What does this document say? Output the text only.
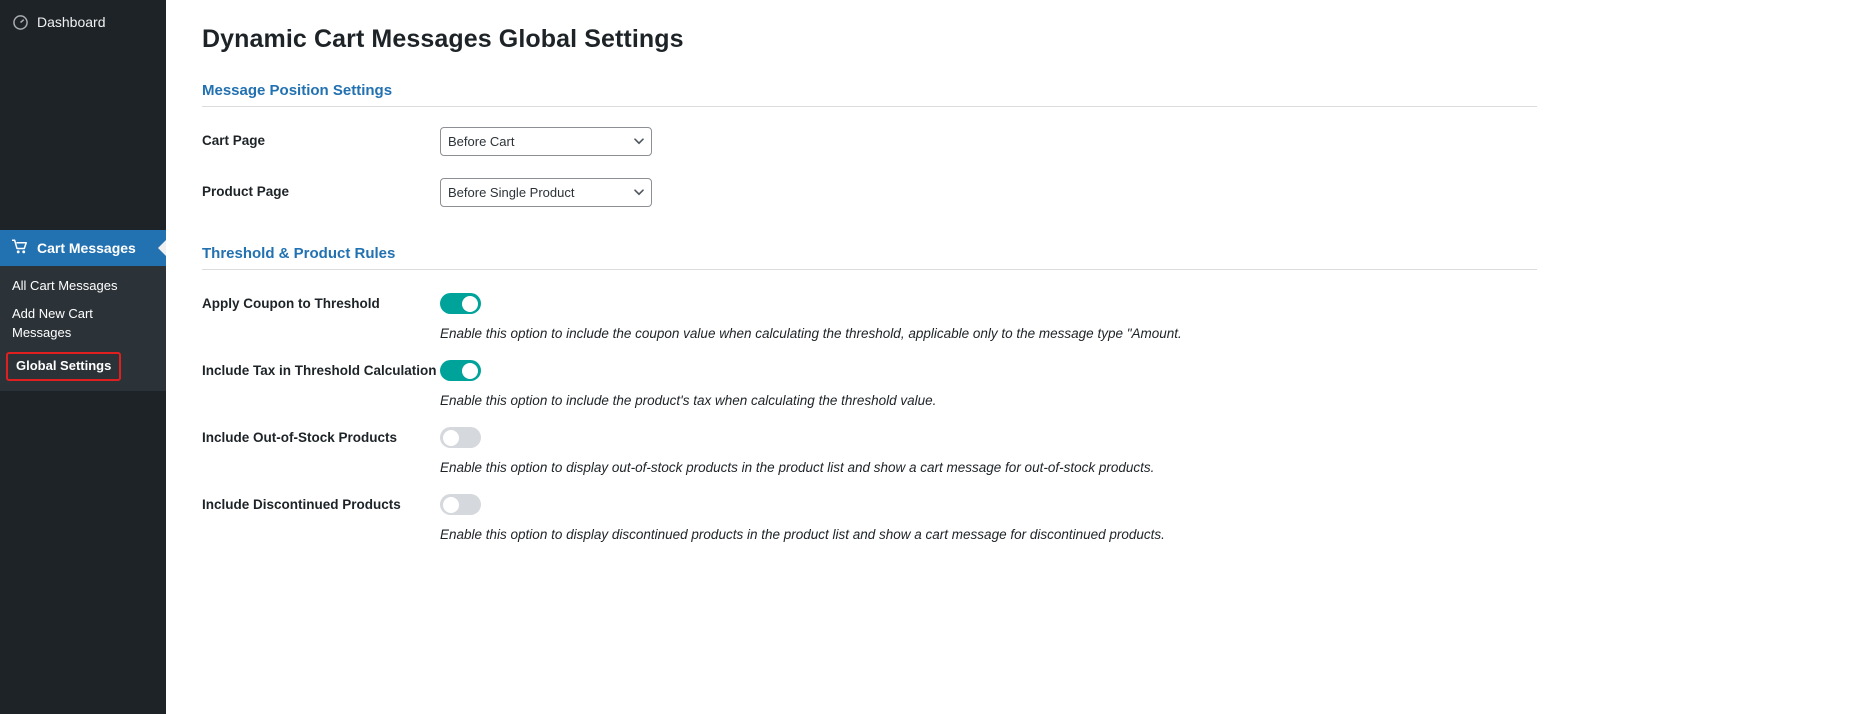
Dashboard
Cart Messages
All Cart Messages
Add New Cart Messages
Global Settings
Dynamic Cart Messages Global Settings
Message Position Settings
Cart Page
Before Cart
Product Page
Before Single Product
Threshold & Product Rules
Apply Coupon to Threshold
Enable this option to include the coupon value when calculating the threshold, applicable only to the message type "Amount.
Include Tax in Threshold Calculation
Enable this option to include the product's tax when calculating the threshold value.
Include Out-of-Stock Products
Enable this option to display out-of-stock products in the product list and show a cart message for out-of-stock products.
Include Discontinued Products
Enable this option to display discontinued products in the product list and show a cart message for discontinued products.
